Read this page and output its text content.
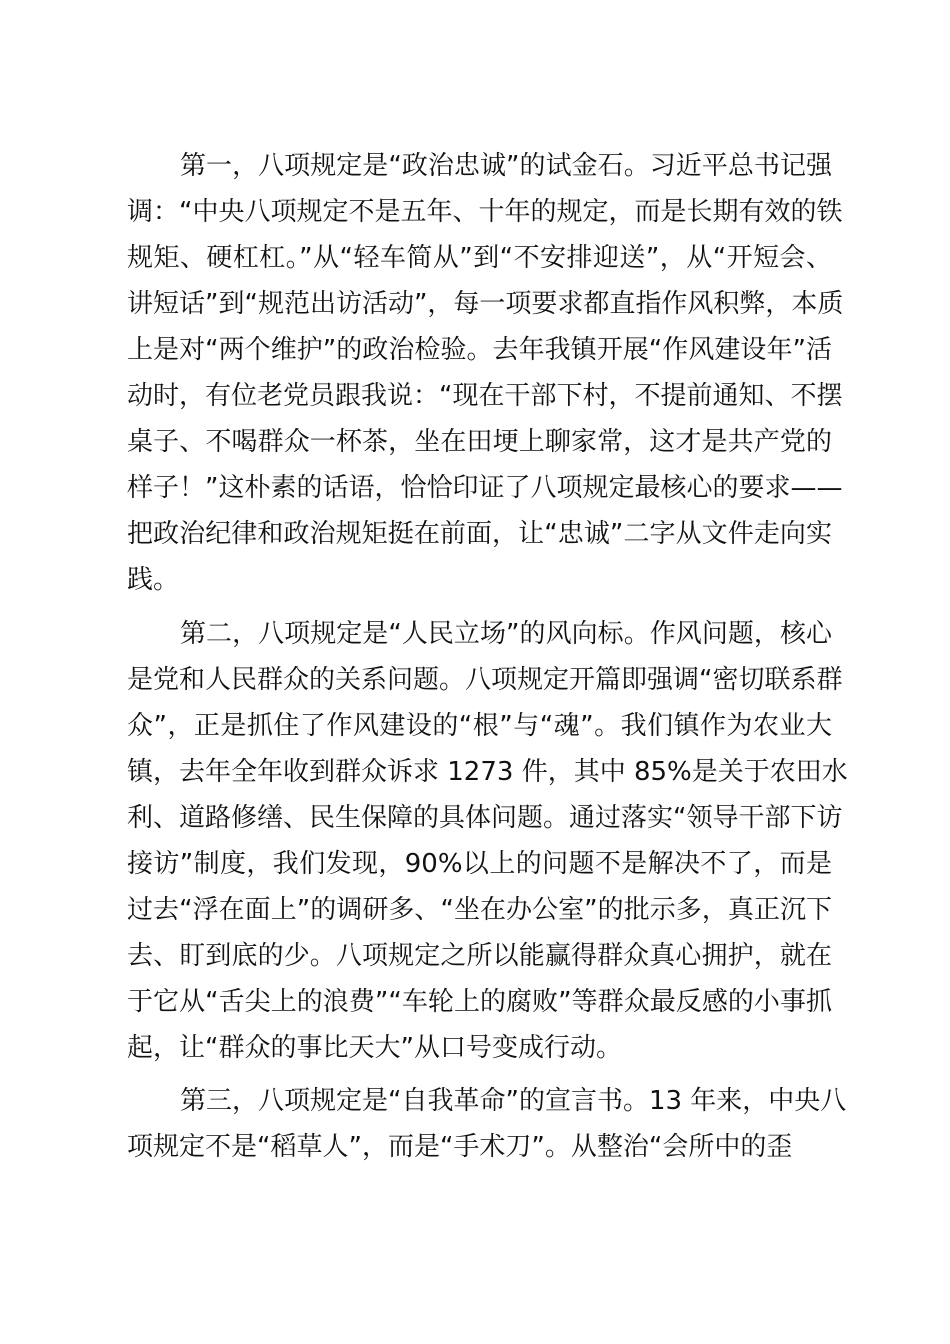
第一，八项规定是“政治忠诚”的试金石。习近平总书记强

调：“中央八项规定不是五年、十年的规定，而是长期有效的铁

规矩、硬杠杠。”从“轻车简从”到“不安排迎送”，从“开短会、

讲短话”到“规范出访活动”，每一项要求都直指作风积弊，本质

上是对“两个维护”的政治检验。去年我镇开展“作风建设年”活

动时，有位老党员跟我说：“现在干部下村，不提前通知、不摆

桌子、不喝群众一杯茶，坐在田埂上聊家常，这才是共产党的

样子！”这朴素的话语，恰恰印证了八项规定最核心的要求——

把政治纪律和政治规矩挺在前面，让“忠诚”二字从文件走向实

践。

第二，八项规定是“人民立场”的风向标。作风问题，核心

是党和人民群众的关系问题。八项规定开篇即强调“密切联系群

众”，正是抓住了作风建设的“根”与“魂”。我们镇作为农业大

镇，去年全年收到群众诉求 1273 件，其中 85%是关于农田水

利、道路修缮、民生保障的具体问题。通过落实“领导干部下访

接访”制度，我们发现，90%以上的问题不是解决不了，而是

过去“浮在面上”的调研多、“坐在办公室”的批示多，真正沉下

去、盯到底的少。八项规定之所以能赢得群众真心拥护，就在

于它从“舌尖上的浪费”“车轮上的腐败”等群众最反感的小事抓

起，让“群众的事比天大”从口号变成行动。

第三，八项规定是“自我革命”的宣言书。13 年来，中央八

项规定不是“稻草人”，而是“手术刀”。从整治“会所中的歪
